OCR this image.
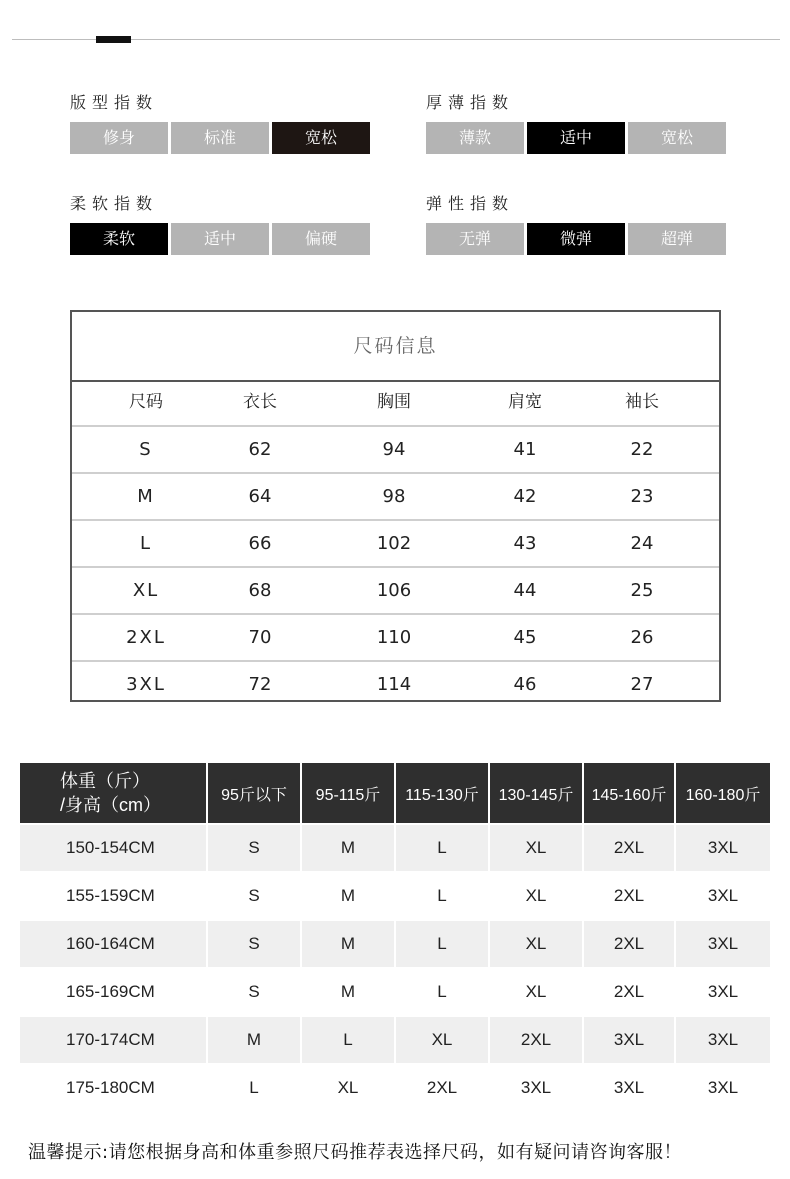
版型指数
修身	标准	宽松
厚薄指数
薄款	适中	宽松
柔软指数
柔软	适中	偏硬
弹性指数
无弹	微弹	超弹
尺码信息
尺码	衣长	胸围	肩宽	袖长
S	62	94	41	22
M	64	98	42	23
L	66	102	43	24
XL	68	106	44	25
2XL	70	110	45	26
3XL	72	114	46	27
体重（斤）
/身高（cm）	95斤以下	95-115斤	115-130斤	130-145斤	145-160斤	160-180斤
150-154CM	S	M	L	XL	2XL	3XL
155-159CM	S	M	L	XL	2XL	3XL
160-164CM	S	M	L	XL	2XL	3XL
165-169CM	S	M	L	XL	2XL	3XL
170-174CM	M	L	XL	2XL	3XL	3XL
175-180CM	L	XL	2XL	3XL	3XL	3XL
温馨提示:请您根据身高和体重参照尺码推荐表选择尺码，如有疑问请咨询客服！
